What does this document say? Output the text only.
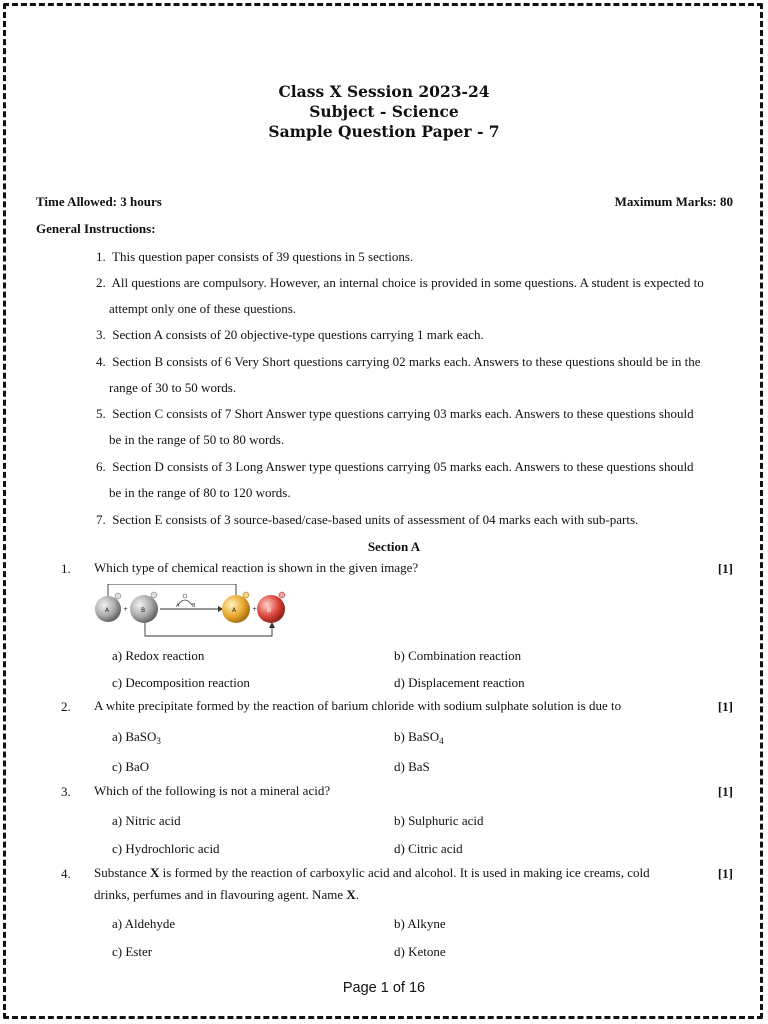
Class X Session 2023-24
Subject - Science
Sample Question Paper - 7
Time Allowed: 3 hours	Maximum Marks: 80
General Instructions:
1. This question paper consists of 39 questions in 5 sections.
2. All questions are compulsory. However, an internal choice is provided in some questions. A student is expected to
attempt only one of these questions.
3. Section A consists of 20 objective-type questions carrying 1 mark each.
4. Section B consists of 6 Very Short questions carrying 02 marks each. Answers to these questions should be in the
range of 30 to 50 words.
5. Section C consists of 7 Short Answer type questions carrying 03 marks each. Answers to these questions should
be in the range of 50 to 80 words.
6. Section D consists of 3 Long Answer type questions carrying 05 marks each. Answers to these questions should
be in the range of 80 to 120 words.
7. Section E consists of 3 source-based/case-based units of assessment of 04 marks each with sub-parts.
Section A
1. Which type of chemical reaction is shown in the given image?	[1]
A	B
A + B	A	+ B
a) Redox reaction	b) Combination reaction
c) Decomposition reaction	d) Displacement reaction
2. A white precipitate formed by the reaction of barium chloride with sodium sulphate solution is due to	[1]
a) BaSO$_3$	b) BaSO$_4$
c) BaO	d) BaS
3. Which of the following is not a mineral acid?	[1]
a) Nitric acid	b) Sulphuric acid
c) Hydrochloric acid	d) Citric acid
4. Substance X is formed by the reaction of carboxylic acid and alcohol. It is used in making ice creams, cold
drinks, perfumes and in flavouring agent. Name X.
[1]
a) Aldehyde	b) Alkyne
c) Ester	d) Ketone
Page 1 of 16
